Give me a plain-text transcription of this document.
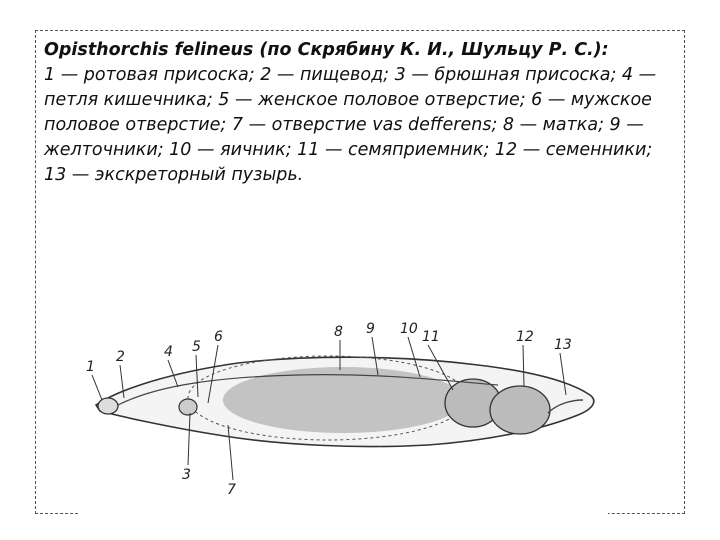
Opisthorchis felineus (по Скрябину К. И., Шульцу Р. С.):
1 — ротовая присоска; 2 — пищевод; 3 — брюшная присоска; 4 — петля кишечника; 5 — женское половое отверстие; 6 — мужское половое отверстие; 7 — отверстие vas defferens; 8 — матка; 9 — желточники; 10 — яичник; 11 — семяприемник; 12 — семенники; 13 — экскреторный пузырь.
1
2	4 5
6
3
7
8 9 10 11	12 13
